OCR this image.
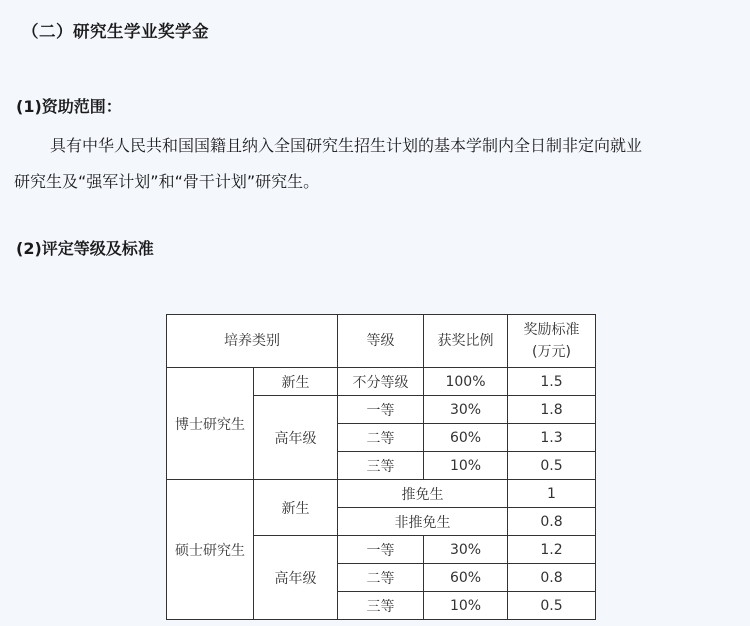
（二）研究生学业奖学金
(1)资助范围：
具有中华人民共和国国籍且纳入全国研究生招生计划的基本学制内全日制非定向就业
研究生及“强军计划”和“骨干计划”研究生。
(2)评定等级及标准
培养类别		等级	获奖比例	奖励标准
(万元)

博士研究生	新生	不分等级	100%	1.5
	高年级	一等	30%	1.8
		二等	60%	1.3
		三等	10%	0.5
硕士研究生	新生	推免生		1
		非推免生		0.8
	高年级	一等	30%	1.2
		二等	60%	0.8
		三等	10%	0.5
